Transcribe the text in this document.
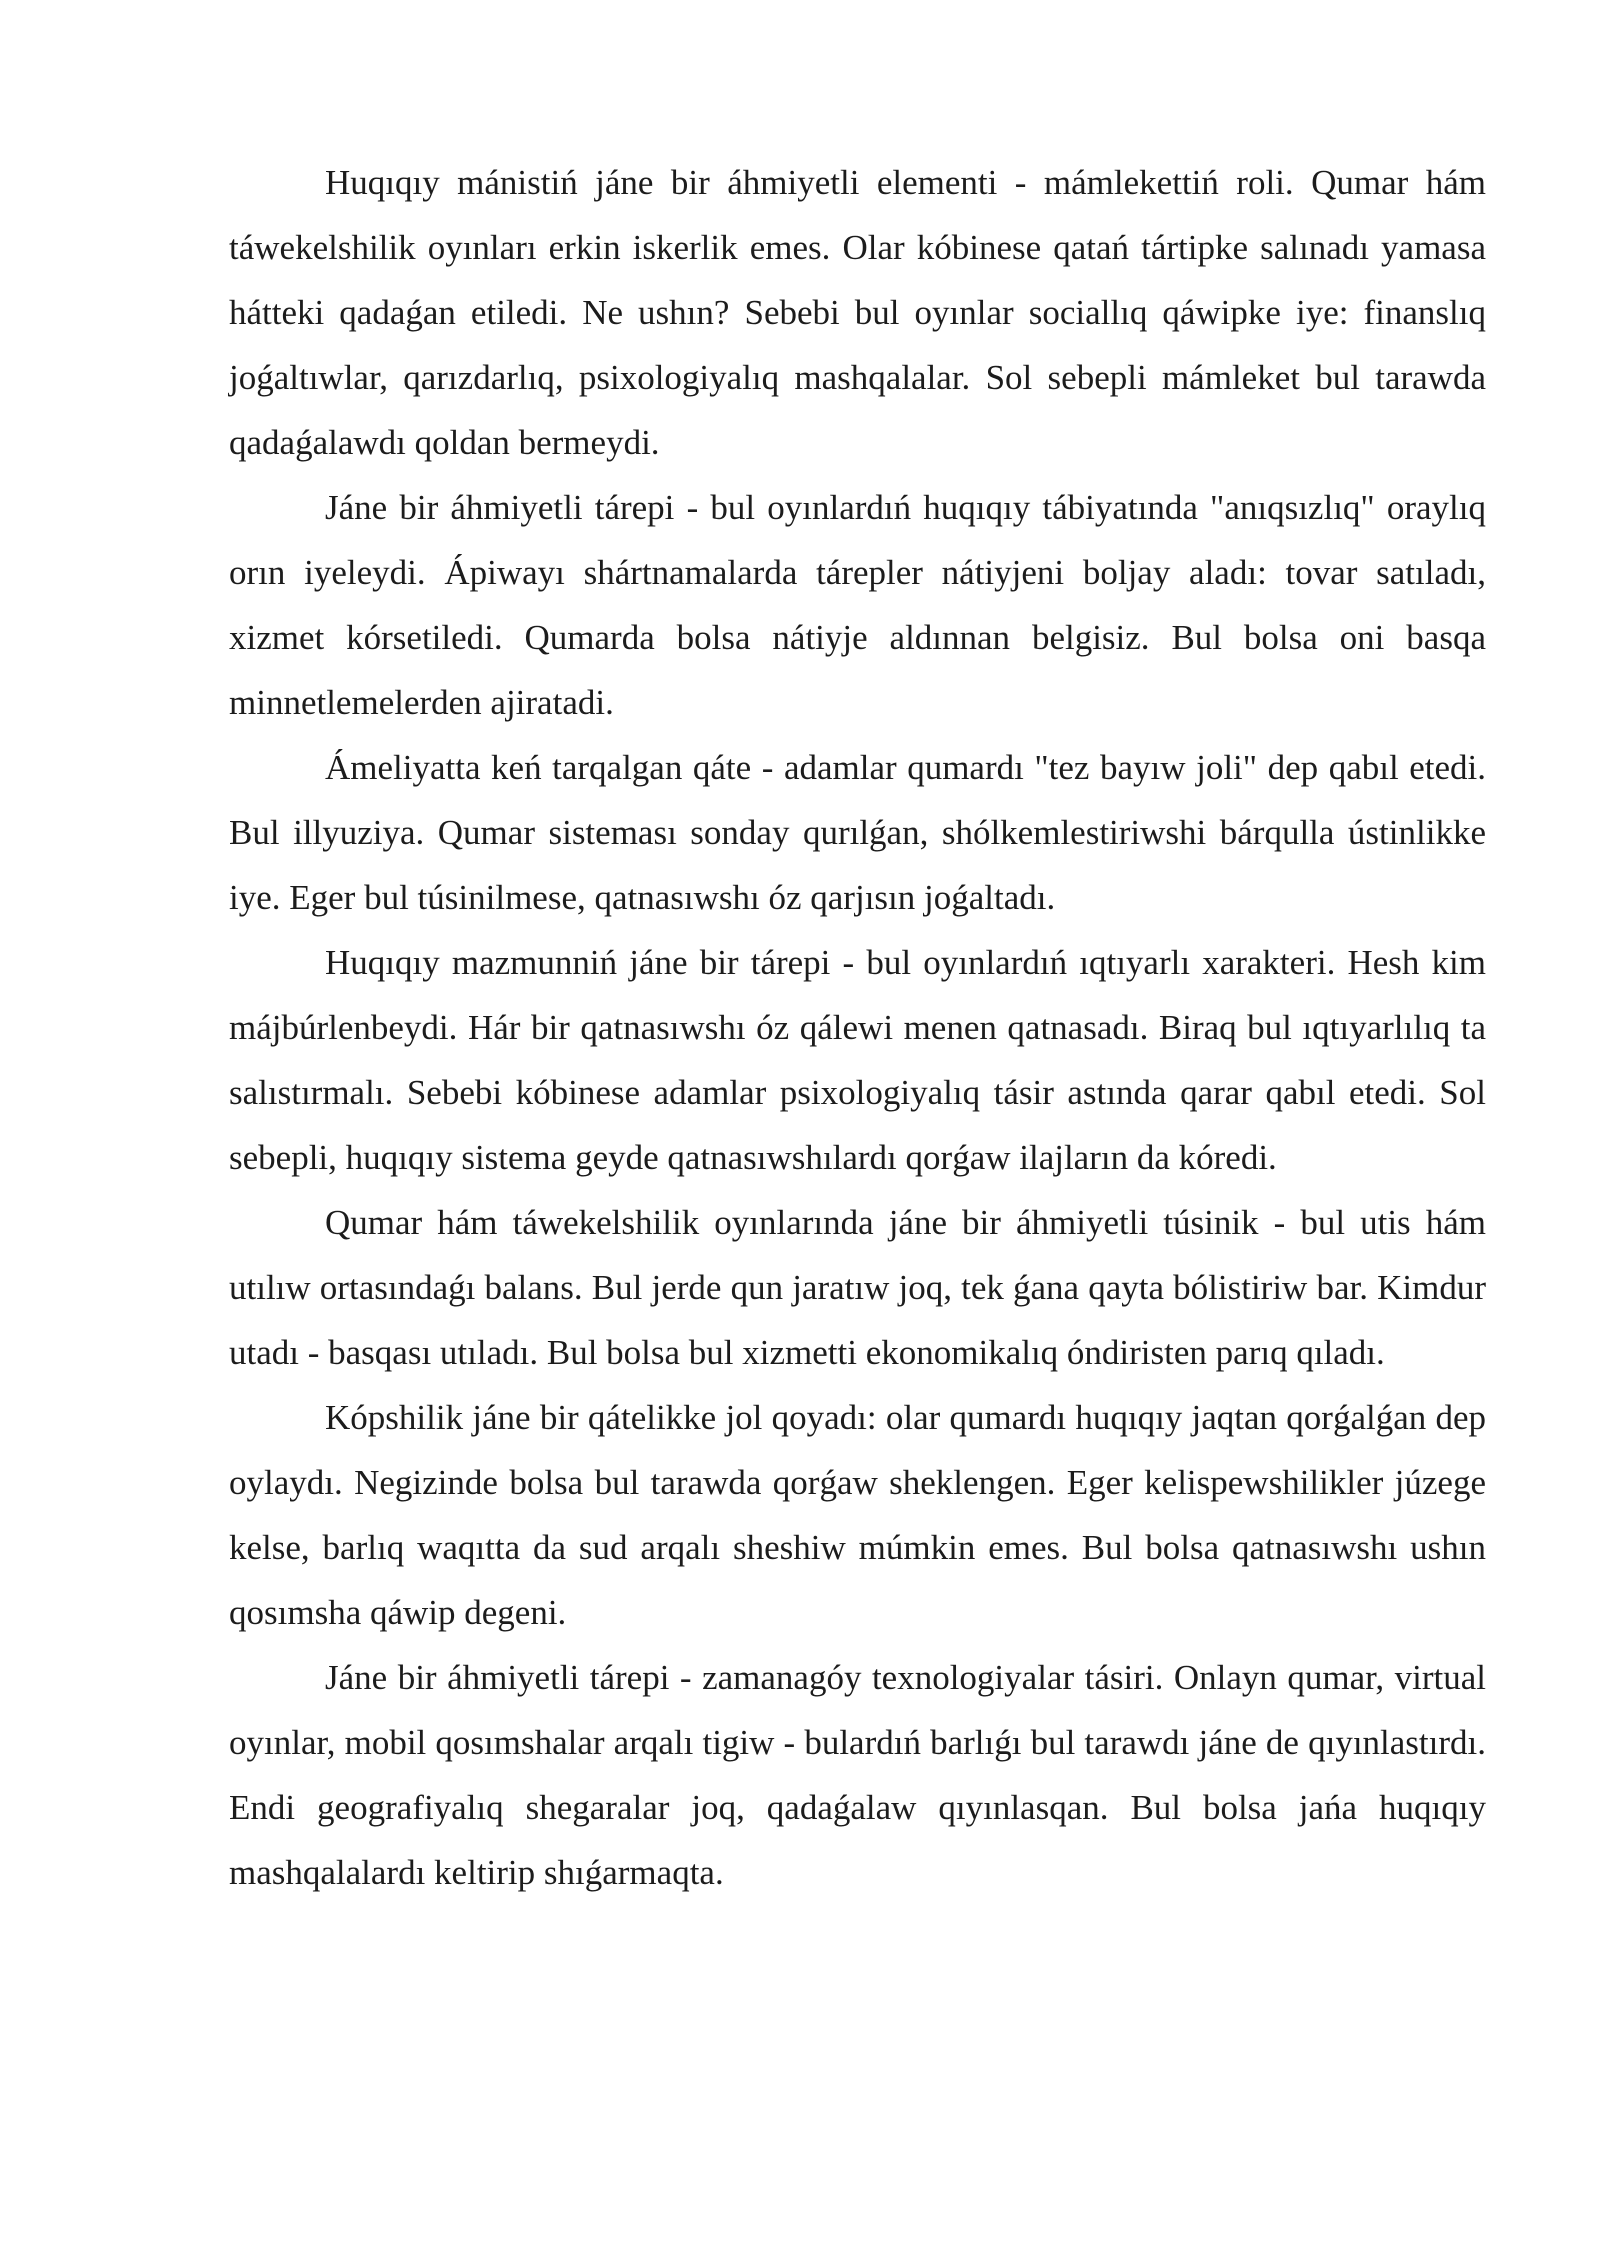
Huqıqıy mánistiń jáne bir áhmiyetli elementi - mámlekettiń roli. Qumar hám táwekelshilik oyınları erkin iskerlik emes. Olar kóbinese qatań tártipke salınadı yamasa hátteki qadaǵan etiledi. Ne ushın? Sebebi bul oyınlar sociallıq qáwipke iye: finanslıq joǵaltıwlar, qarızdarlıq, psixologiyalıq mashqalalar. Sol sebepli mámleket bul tarawda qadaǵalawdı qoldan bermeydi.

Jáne bir áhmiyetli tárepi - bul oyınlardıń huqıqıy tábiyatında "anıqsızlıq" oraylıq orın iyeleydi. Ápiwayı shártnamalarda tárepler nátiyjeni boljay aladı: tovar satıladı, xizmet kórsetiledi. Qumarda bolsa nátiyje aldınnan belgisiz. Bul bolsa oni basqa minnetlemelerden ajiratadi.

Ámeliyatta keń tarqalgan qáte - adamlar qumardı "tez bayıw joli" dep qabıl etedi. Bul illyuziya. Qumar sisteması sonday qurılǵan, shólkemlestiriwshi bárqulla ústinlikke iye. Eger bul túsinilmese, qatnasıwshı óz qarjısın joǵaltadı.

Huqıqıy mazmunniń jáne bir tárepi - bul oyınlardıń ıqtıyarlı xarakteri. Hesh kim májbúrlenbeydi. Hár bir qatnasıwshı óz qálewi menen qatnasadı. Biraq bul ıqtıyarlılıq ta salıstırmalı. Sebebi kóbinese adamlar psixologiyalıq tásir astında qarar qabıl etedi. Sol sebepli, huqıqıy sistema geyde qatnasıwshılardı qorǵaw ilajların da kóredi.

Qumar hám táwekelshilik oyınlarında jáne bir áhmiyetli túsinik - bul utis hám utılıw ortasındaǵı balans. Bul jerde qun jaratıw joq, tek ǵana qayta bólistiriw bar. Kimdur utadı - basqası utıladı. Bul bolsa bul xizmetti ekonomikalıq óndiristen parıq qıladı.

Kópshilik jáne bir qátelikke jol qoyadı: olar qumardı huqıqıy jaqtan qorǵalǵan dep oylaydı. Negizinde bolsa bul tarawda qorǵaw sheklengen. Eger kelispewshilikler júzege kelse, barlıq waqıtta da sud arqalı sheshiw múmkin emes. Bul bolsa qatnasıwshı ushın qosımsha qáwip degeni.

Jáne bir áhmiyetli tárepi - zamanagóy texnologiyalar tásiri. Onlayn qumar, virtual oyınlar, mobil qosımshalar arqalı tigiw - bulardıń barlıǵı bul tarawdı jáne de qıyınlastırdı. Endi geografiyalıq shegaralar joq, qadaǵalaw qıyınlasqan. Bul bolsa jańa huqıqıy mashqalalardı keltirip shıǵarmaqta.
